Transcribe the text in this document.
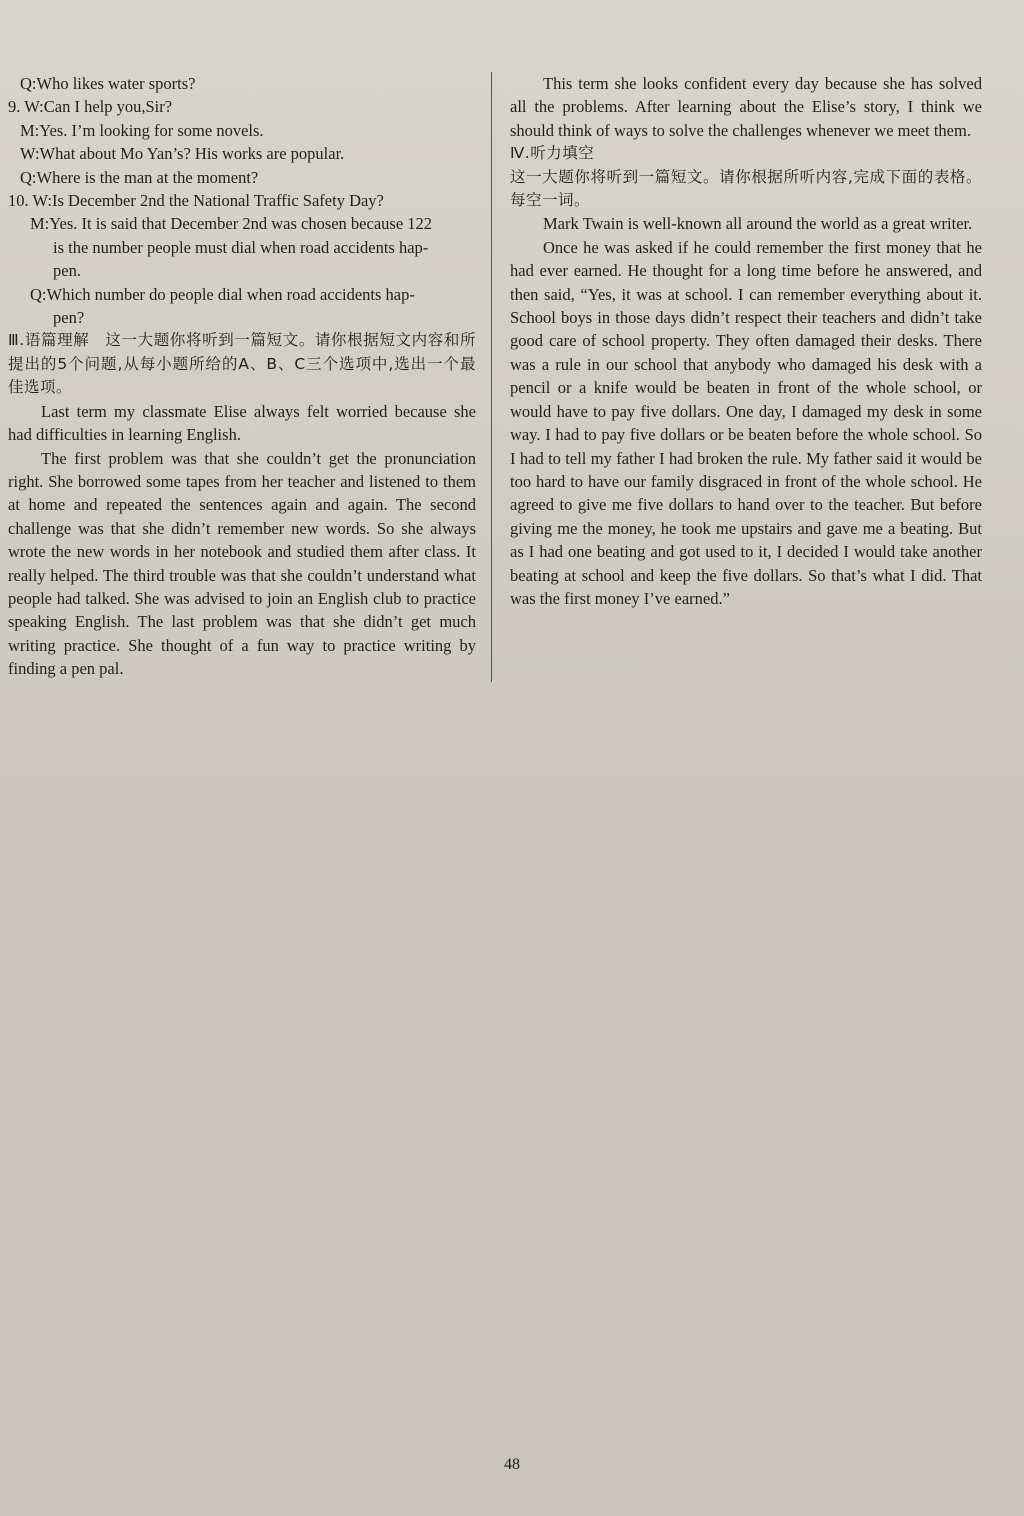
Q:Who likes water sports?
9. W:Can I help you,Sir?
M:Yes. I’m looking for some novels.
W:What about Mo Yan’s? His works are popular.
Q:Where is the man at the moment?
10. W:Is December 2nd the National Traffic Safety Day?
M:Yes. It is said that December 2nd was chosen because 122
is the number people must dial when road accidents hap-
pen.
Q:Which number do people dial when road accidents hap-
pen?

Ⅲ.语篇理解　这一大题你将听到一篇短文。请你根据短文内容和所提出的5个问题,从每小题所给的A、B、C三个选项中,选出一个最佳选项。

Last term my classmate Elise always felt worried because she had difficulties in learning English.

The first problem was that she couldn’t get the pronunciation right. She borrowed some tapes from her teacher and listened to them at home and repeated the sentences again and again. The second challenge was that she didn’t remember new words. So she always wrote the new words in her notebook and studied them after class. It really helped. The third trouble was that she couldn’t understand what people had talked. She was advised to join an English club to practice speaking English. The last problem was that she didn’t get much writing practice. She thought of a fun way to practice writing by finding a pen pal.

This term she looks confident every day because she has solved all the problems. After learning about the Elise’s story, I think we should think of ways to solve the challenges whenever we meet them.

Ⅳ.听力填空

这一大题你将听到一篇短文。请你根据所听内容,完成下面的表格。每空一词。

Mark Twain is well-known all around the world as a great writer.

Once he was asked if he could remember the first money that he had ever earned. He thought for a long time before he answered, and then said, “Yes, it was at school. I can remember everything about it. School boys in those days didn’t respect their teachers and didn’t take good care of school property. They often damaged their desks. There was a rule in our school that anybody who damaged his desk with a pencil or a knife would be beaten in front of the whole school, or would have to pay five dollars. One day, I damaged my desk in some way. I had to pay five dollars or be beaten before the whole school. So I had to tell my father I had broken the rule. My father said it would be too hard to have our family disgraced in front of the whole school. He agreed to give me five dollars to hand over to the teacher. But before giving me the money, he took me upstairs and gave me a beating. But as I had one beating and got used to it, I decided I would take another beating at school and keep the five dollars. So that’s what I did. That was the first money I’ve earned.”

48
